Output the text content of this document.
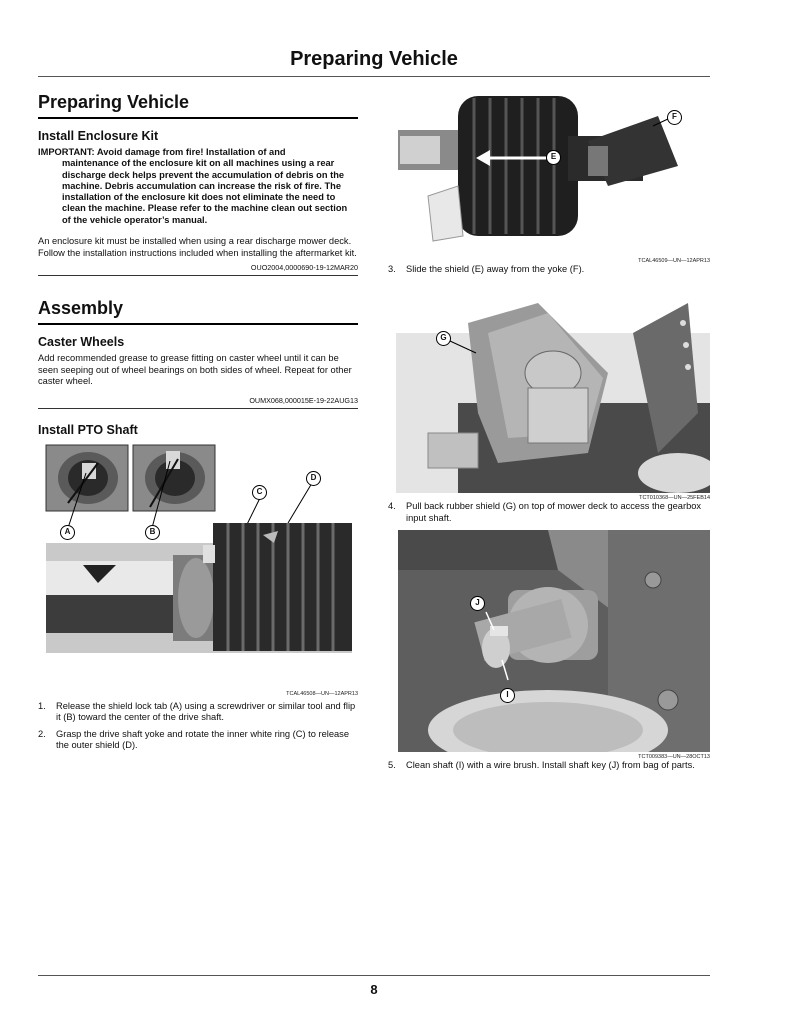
Preparing Vehicle
Preparing Vehicle
Install Enclosure Kit
IMPORTANT: Avoid damage from fire! Installation of and
maintenance of the enclosure kit on all machines using a rear discharge deck helps prevent the accumulation of debris on the machine. Debris accumulation can increase the risk of fire. The installation of the enclosure kit does not eliminate the need to clean the machine. Please refer to the machine clean out section of the vehicle operator’s manual.
An enclosure kit must be installed when using a rear discharge mower deck. Follow the installation instructions included when installing the aftermarket kit.
OUO2004,0000690-19-12MAR20
Assembly
Caster Wheels
Add recommended grease to grease fitting on caster wheel until it can be seen seeping out of wheel bearings on both sides of wheel. Repeat for other caster wheel.
OUMX068,000015E-19-22AUG13
Install PTO Shaft
A	B
C
D
TCAL46508—UN—12APR13
1.	Release the shield lock tab (A) using a screwdriver or similar tool and flip it (B) toward the center of the drive shaft.
2.	Grasp the drive shaft yoke and rotate the inner white ring (C) to release the outer shield (D).
E
F
TCAL46509—UN—12APR13
3.	Slide the shield (E) away from the yoke (F).
G
TCT010368—UN—25FEB14
4.	Pull back rubber shield (G) on top of mower deck to access the gearbox input shaft.
J
I
TCT009383—UN—28OCT13
5.	Clean shaft (I) with a wire brush. Install shaft key (J) from bag of parts.
8
